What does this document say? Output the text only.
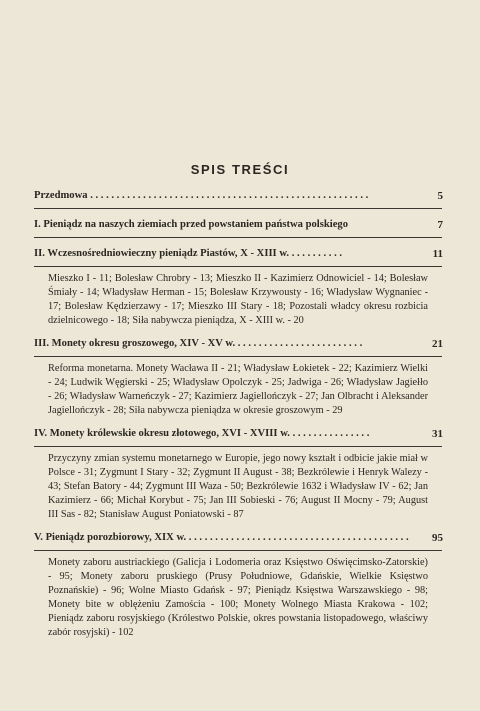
SPIS TREŚCI
Przedmowa . . . . . . . . . . . . . . . . . . . . . . . . . . . . . . . . . . . . . . . . . . . . . . . . . . . . .	5
I. Pieniądz na naszych ziemiach przed powstaniem państwa polskiego	7
II. Wczesnośredniowieczny pieniądz Piastów, X - XIII w. . . . . . . . . . .	11
Mieszko I - 11; Bolesław Chrobry - 13; Mieszko II - Kazimierz Odnowiciel - 14; Bolesław Śmiały - 14; Władysław Herman - 15; Bolesław Krzywousty - 16; Władysław Wygnaniec - 17; Bolesław Kędzierzawy - 17; Mieszko III Stary - 18; Pozostali władcy okresu rozbicia dzielnicowego - 18; Siła nabywcza pieniądza, X - XIII w. - 20
III. Monety okresu groszowego, XIV - XV w. . . . . . . . . . . . . . . . . . . . . . . . .	21
Reforma monetarna. Monety Wacława II - 21; Władysław Łokietek - 22; Kazimierz Wielki - 24; Ludwik Węgierski - 25; Władysław Opolczyk - 25; Jadwiga - 26; Władysław Jagiełło - 26; Władysław Warneńczyk - 27; Kazimierz Jagiellończyk - 27; Jan Olbracht i Aleksander Jagiellończyk - 28; Siła nabywcza pieniądza w okresie groszowym - 29
IV. Monety królewskie okresu złotowego, XVI - XVIII w. . . . . . . . . . . . . . . .	31
Przyczyny zmian systemu monetarnego w Europie, jego nowy kształt i odbicie jakie miał w Polsce - 31; Zygmunt I Stary - 32; Zygmunt II August - 38; Bezkrólewie i Henryk Walezy - 43; Stefan Batory - 44; Zygmunt III Waza - 50; Bezkrólewie 1632 i Władysław IV - 62; Jan Kazimierz - 66; Michał Korybut - 75; Jan III Sobieski - 76; August II Mocny - 79; August III Sas - 82; Stanisław August Poniatowski - 87
V. Pieniądz porozbiorowy, XIX w. . . . . . . . . . . . . . . . . . . . . . . . . . . . . . . . . . . . . . . . . . . 95
Monety zaboru austriackiego (Galicja i Lodomeria oraz Księstwo Oświęcimsko-Zatorskie) - 95; Monety zaboru pruskiego (Prusy Południowe, Gdańskie, Wielkie Księstwo Poznańskie) - 96; Wolne Miasto Gdańsk - 97; Pieniądz Księstwa Warszawskiego - 98; Monety bite w oblężeniu Zamościa - 100; Monety Wolnego Miasta Krakowa - 102; Pieniądz zaboru rosyjskiego (Królestwo Polskie, okres powstania listopadowego, właściwy zabór rosyjski) - 102
